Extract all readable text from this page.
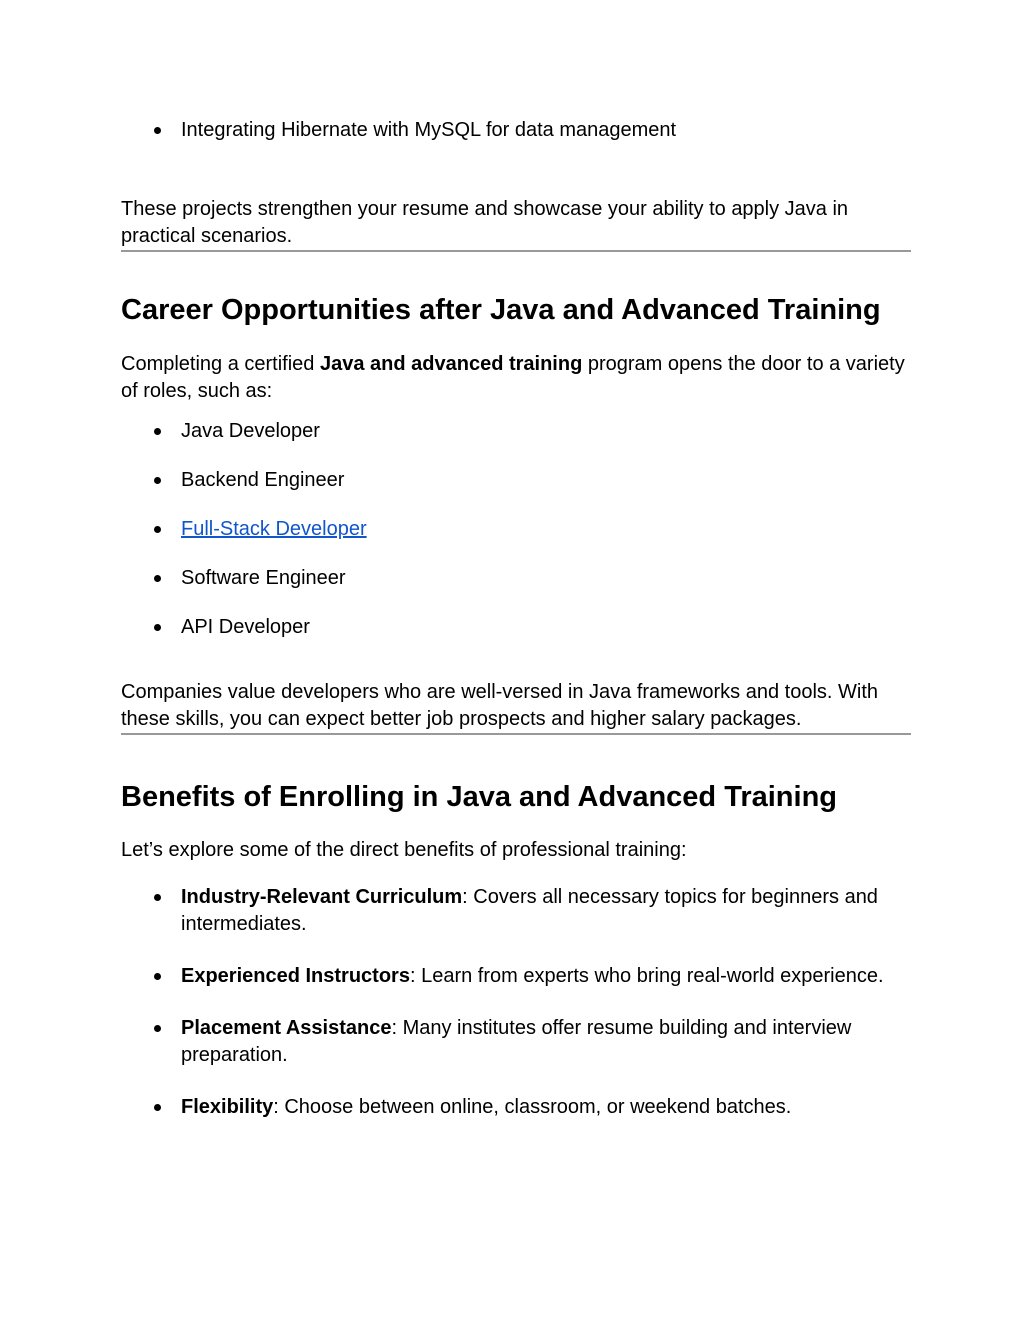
Integrating Hibernate with MySQL for data management

These projects strengthen your resume and showcase your ability to apply Java in practical scenarios.

Career Opportunities after Java and Advanced Training

Completing a certified Java and advanced training program opens the door to a variety of roles, such as:

Java Developer
Backend Engineer
Full-Stack Developer
Software Engineer
API Developer

Companies value developers who are well-versed in Java frameworks and tools. With these skills, you can expect better job prospects and higher salary packages.

Benefits of Enrolling in Java and Advanced Training

Let’s explore some of the direct benefits of professional training:

Industry-Relevant Curriculum: Covers all necessary topics for beginners and intermediates.
Experienced Instructors: Learn from experts who bring real-world experience.
Placement Assistance: Many institutes offer resume building and interview preparation.
Flexibility: Choose between online, classroom, or weekend batches.
